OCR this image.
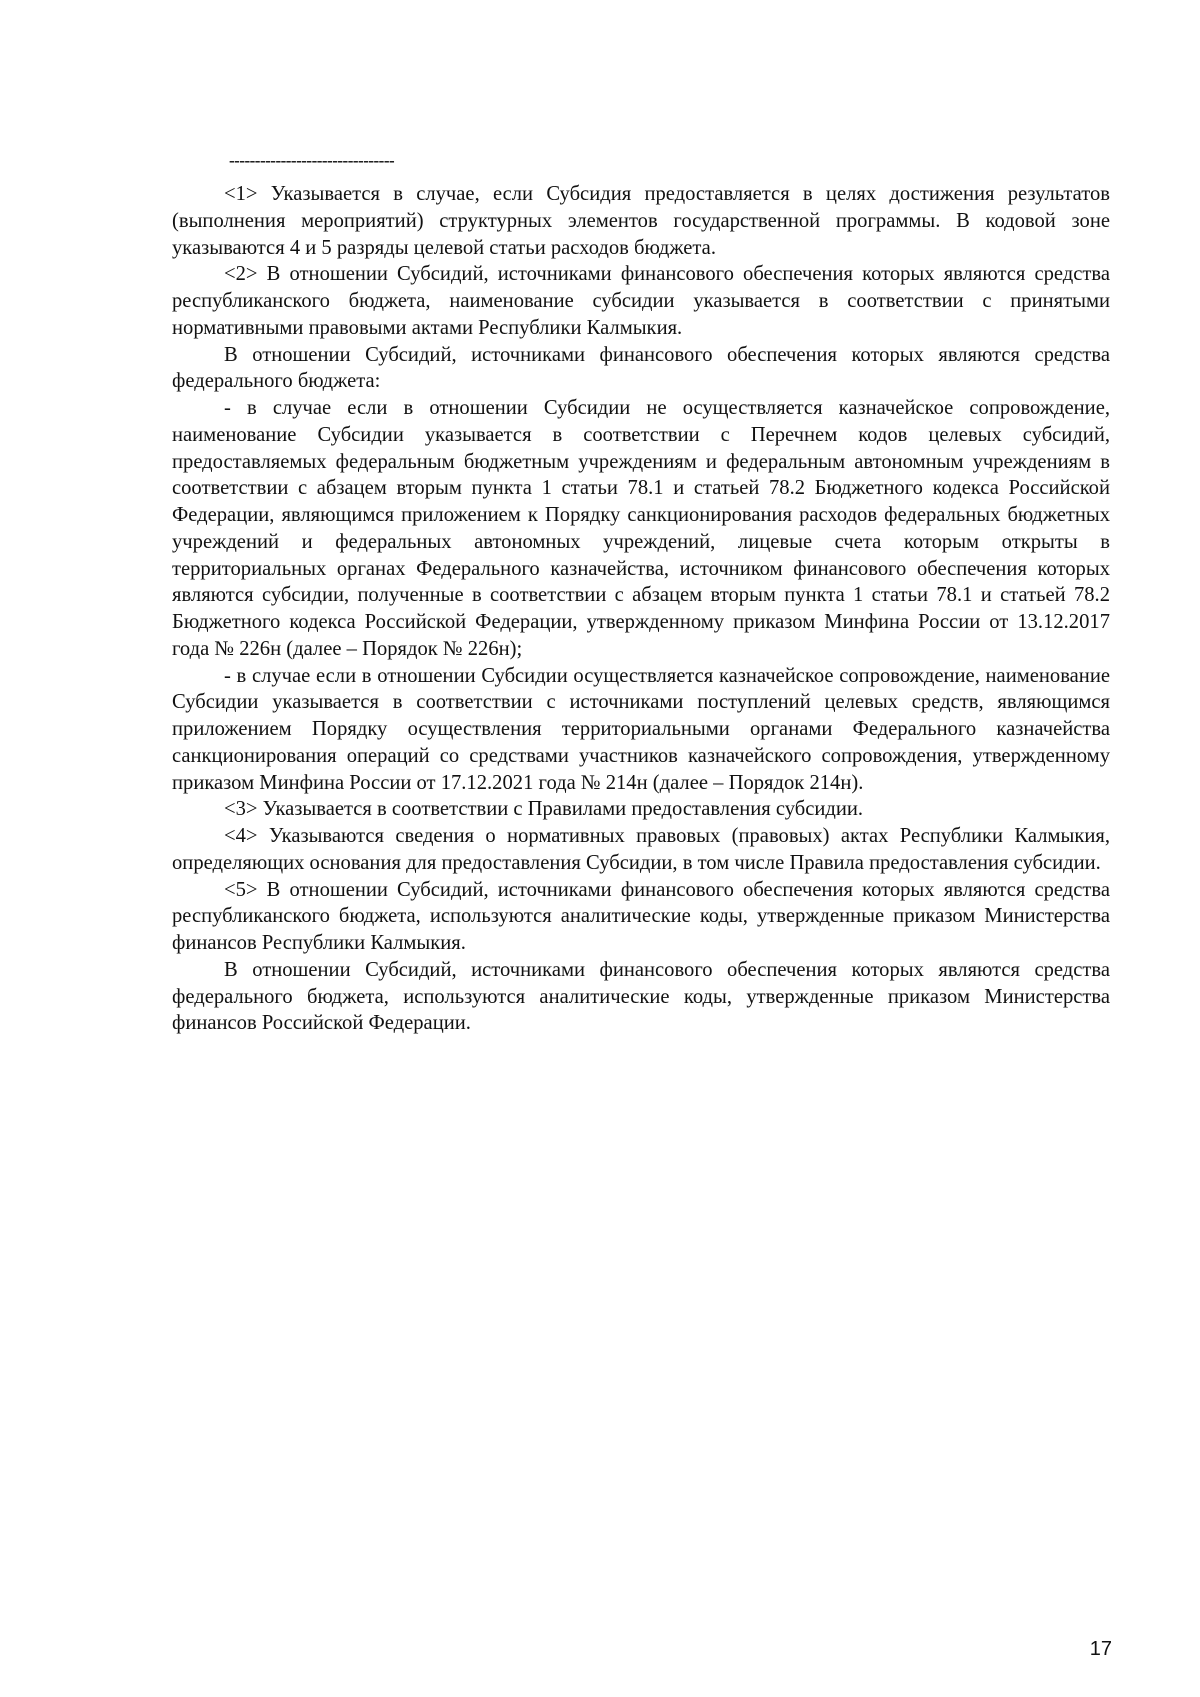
--------------------------------

<1> Указывается в случае, если Субсидия предоставляется в целях достижения результатов (выполнения мероприятий) структурных элементов государственной программы. В кодовой зоне указываются 4 и 5 разряды целевой статьи расходов бюджета.

<2> В отношении Субсидий, источниками финансового обеспечения которых являются средства республиканского бюджета, наименование субсидии указывается в соответствии с принятыми нормативными правовыми актами Республики Калмыкия.

В отношении Субсидий, источниками финансового обеспечения которых являются средства федерального бюджета:

- в случае если в отношении Субсидии не осуществляется казначейское сопровождение, наименование Субсидии указывается в соответствии с Перечнем кодов целевых субсидий, предоставляемых федеральным бюджетным учреждениям и федеральным автономным учреждениям в соответствии с абзацем вторым пункта 1 статьи 78.1 и статьей 78.2 Бюджетного кодекса Российской Федерации, являющимся приложением к Порядку санкционирования расходов федеральных бюджетных учреждений и федеральных автономных учреждений, лицевые счета которым открыты в территориальных органах Федерального казначейства, источником финансового обеспечения которых являются субсидии, полученные в соответствии с абзацем вторым пункта 1 статьи 78.1 и статьей 78.2 Бюджетного кодекса Российской Федерации, утвержденному приказом Минфина России от 13.12.2017 года № 226н (далее – Порядок № 226н);

- в случае если в отношении Субсидии осуществляется казначейское сопровождение, наименование Субсидии указывается в соответствии с источниками поступлений целевых средств, являющимся приложением Порядку осуществления территориальными органами Федерального казначейства санкционирования операций со средствами участников казначейского сопровождения, утвержденному приказом Минфина России от 17.12.2021 года № 214н (далее – Порядок 214н).

<3> Указывается в соответствии с Правилами предоставления субсидии.

<4> Указываются сведения о нормативных правовых (правовых) актах Республики Калмыкия, определяющих основания для предоставления Субсидии, в том числе Правила предоставления субсидии.

<5> В отношении Субсидий, источниками финансового обеспечения которых являются средства республиканского бюджета, используются аналитические коды, утвержденные приказом Министерства финансов Республики Калмыкия.

В отношении Субсидий, источниками финансового обеспечения которых являются средства федерального бюджета, используются аналитические коды, утвержденные приказом Министерства финансов Российской Федерации.

17
